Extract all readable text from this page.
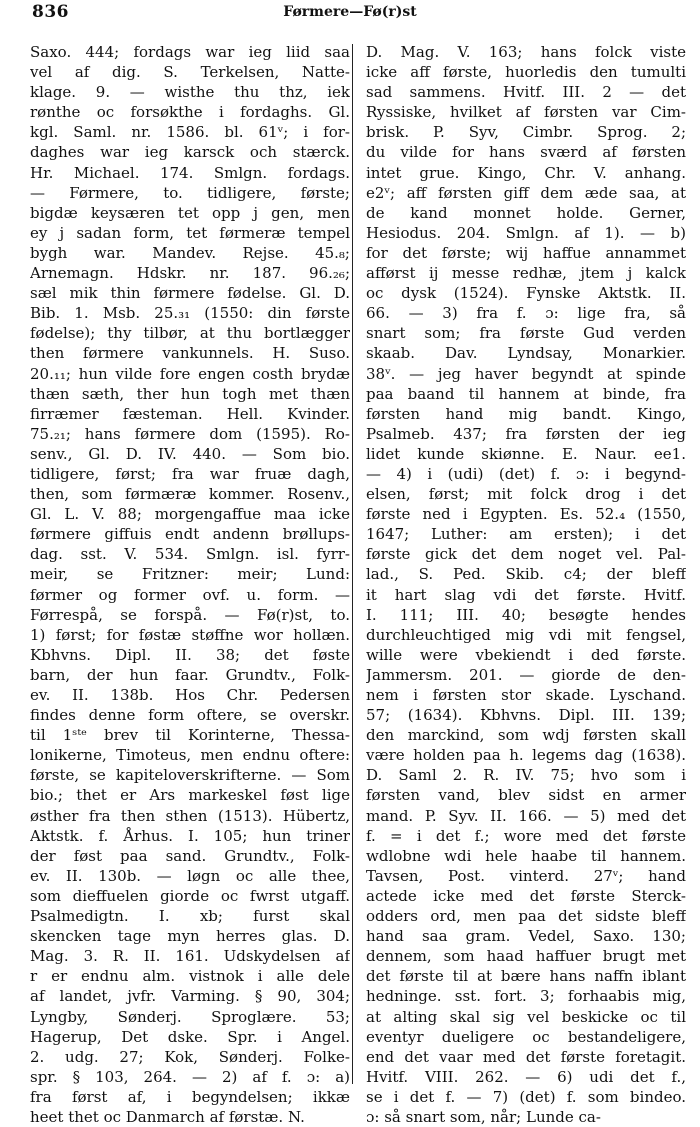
836	Førmere—Fø(r)st
Saxo. 444; fordags war ieg liid saa
vel af dig. S. Terkelsen, Natte-
klage. 9. — wisthe thu thz, iek
rønthe oc forsøkthe i fordaghs. Gl.
kgl. Saml. nr. 1586. bl. 61ᵛ; i for-
daghes war ieg karsck och stærck.
Hr. Michael. 174. Smlgn. fordags.
— Førmere, to. tidligere, første;
bigdæ keysæren tet opp j gen, men
ey j sadan form, tet førmeræ tempel
bygh war. Mandev. Rejse. 45.₈;
Arnemagn. Hdskr. nr. 187. 96.₂₆;
sæl mik thin førmere fødelse. Gl. D.
Bib. 1. Msb. 25.₃₁ (1550: din første
fødelse); thy tilbør, at thu bortlægger
then førmere vankunnels. H. Suso.
20.₁₁; hun vilde fore engen costh brydæ
thæn sæth, ther hun togh met thæn
firræmer fæsteman. Hell. Kvinder.
75.₂₁; hans førmere dom (1595). Ro-
senv., Gl. D. IV. 440. — Som bio.
tidligere, først; fra war fruæ dagh,
then, som førmæræ kommer. Rosenv.,
Gl. L. V. 88; morgengaffue maa icke
førmere giffuis endt andenn brøllups-
dag. sst. V. 534. Smlgn. isl. fyrr-
meir, se Fritzner: meir; Lund:
førmer og former ovf. u. form. —
Førrespå, se forspå. — Fø(r)st, to.
1) først; for føstæ støffne wor hollæn.
Kbhvns. Dipl. II. 38; det føste
barn, der hun faar. Grundtv., Folk-
ev. II. 138b. Hos Chr. Pedersen
findes denne form oftere, se overskr.
til 1ˢᵗᵉ brev til Korinterne, Thessa-
lonikerne, Timoteus, men endnu oftere:
første, se kapiteloverskrifterne. — Som
bio.; thet er Ars markeskel føst lige
østher fra then sthen (1513). Hübertz,
Aktstk. f. Århus. I. 105; hun triner
der føst paa sand. Grundtv., Folk-
ev. II. 130b. — løgn oc alle thee,
som dieffuelen giorde oc fwrst utgaff.
Psalmedigtn. I. xb; furst skal
skencken tage myn herres glas. D.
Mag. 3. R. II. 161. Udskydelsen af
r er endnu alm. vistnok i alle dele
af landet, jvfr. Varming. § 90, 304;
Lyngby, Sønderj. Sproglære. 53;
Hagerup, Det dske. Spr. i Angel.
2. udg. 27; Kok, Sønderj. Folke-
spr. § 103, 264. — 2) af f. ɔ: a)
fra først af, i begyndelsen; ikkæ
heet thet oc Danmarch af førstæ. N.
D. Mag. V. 163; hans folck viste
icke aff første, huorledis den tumulti
sad sammens. Hvitf. III. 2 — det
Ryssiske, hvilket af førsten var Cim-
brisk. P. Syv, Cimbr. Sprog. 2;
du vilde for hans sværd af førsten
intet grue. Kingo, Chr. V. anhang.
e2ᵛ; aff førsten giff dem æde saa, at
de kand monnet holde. Gerner,
Hesiodus. 204. Smlgn. af 1). — b)
for det første; wij haffue annammet
afførst ij messe redhæ, jtem j kalck
oc dysk (1524). Fynske Aktstk. II.
66. — 3) fra f. ɔ: lige fra, så
snart som; fra første Gud verden
skaab. Dav. Lyndsay, Monarkier.
38ᵛ. — jeg haver begyndt at spinde
paa baand til hannem at binde, fra
førsten hand mig bandt. Kingo,
Psalmeb. 437; fra førsten der ieg
lidet kunde skiønne. E. Naur. ee1.
— 4) i (udi) (det) f. ɔ: i begynd-
elsen, først; mit folck drog i det
første ned i Egypten. Es. 52.₄ (1550,
1647; Luther: am ersten); i det
første gick det dem noget vel. Pal-
lad., S. Ped. Skib. c4; der bleff
it hart slag vdi det første. Hvitf.
I. 111; III. 40; besøgte hendes
durchleuchtiged mig vdi mit fengsel,
wille were vbekiendt i ded første.
Jammersm. 201. — giorde de den-
nem i førsten stor skade. Lyschand.
57; (1634). Kbhvns. Dipl. III. 139;
den marckind, som wdj førsten skall
være holden paa h. legems dag (1638).
D. Saml 2. R. IV. 75; hvo som i
førsten vand, blev sidst en armer
mand. P. Syv. II. 166. — 5) med det
f. = i det f.; wore med det første
wdlobne wdi hele haabe til hannem.
Tavsen, Post. vinterd. 27ᵛ; hand
actede icke med det første Sterck-
odders ord, men paa det sidste bleff
hand saa gram. Vedel, Saxo. 130;
dennem, som haad haffuer brugt met
det første til at bære hans naffn iblant
hedninge. sst. fort. 3; forhaabis mig,
at alting skal sig vel beskicke oc til
eventyr dueligere oc bestandeligere,
end det vaar med det første foretagit.
Hvitf. VIII. 262. — 6) udi det f.,
se i det f. — 7) (det) f. som bindeo.
ɔ: så snart som, når; Lunde ca-
